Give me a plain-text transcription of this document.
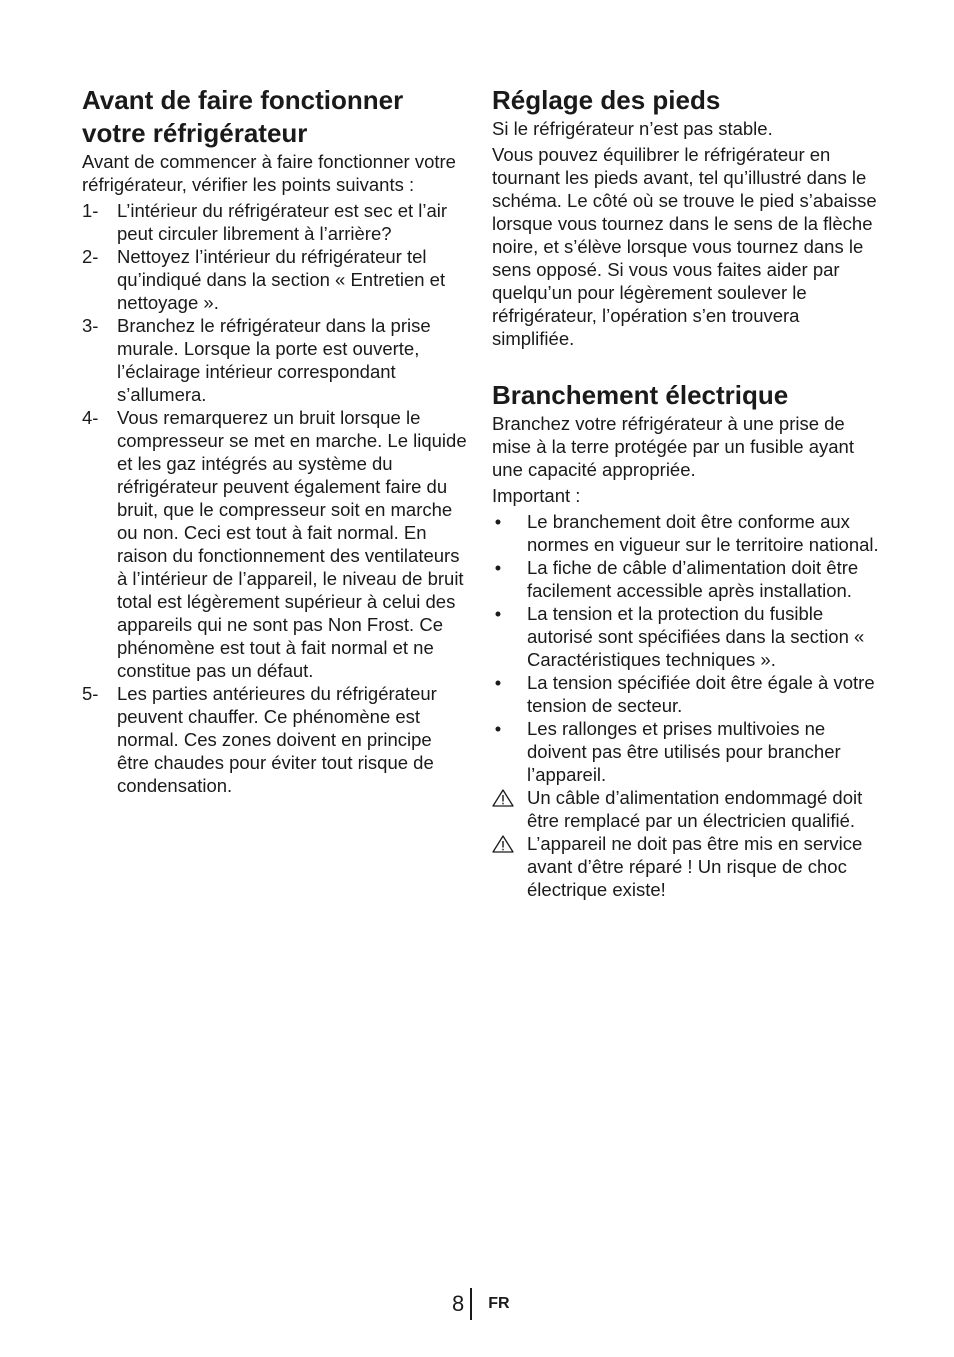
Avant de faire fonctionner votre réfrigérateur

Avant de commencer à faire fonctionner votre réfrigérateur, vérifier les points suivants :

1-	L’intérieur du réfrigérateur est sec et l’air peut circuler librement à l’arrière?
2-	Nettoyez l’intérieur du réfrigérateur tel qu’indiqué dans la section « Entretien et nettoyage ».
3-	Branchez le réfrigérateur dans la prise murale. Lorsque la porte est ouverte, l’éclairage intérieur correspondant s’allumera.
4-	Vous remarquerez un bruit lorsque le compresseur se met en marche. Le liquide et les gaz intégrés au système du réfrigérateur peuvent également faire du bruit, que le compresseur soit en marche ou non. Ceci est tout à fait normal. En raison du fonctionnement des ventilateurs à l’intérieur de l’appareil, le niveau de bruit total est légèrement supérieur à celui des appareils qui ne sont pas Non Frost. Ce phénomène est tout à fait normal et ne constitue pas un défaut.
5-	Les parties antérieures du réfrigérateur peuvent chauffer. Ce phénomène est normal. Ces zones doivent en principe être chaudes pour éviter tout risque de condensation.
Réglage des pieds

Si le réfrigérateur n’est pas stable.

Vous pouvez équilibrer le réfrigérateur en tournant les pieds avant, tel qu’illustré dans le schéma. Le côté où se trouve le pied s’abaisse lorsque vous tournez dans le sens de la flèche noire, et s’élève lorsque vous tournez dans le sens opposé. Si vous vous faites aider par quelqu’un pour légèrement soulever le réfrigérateur, l’opération s’en trouvera simplifiée.

Branchement électrique

Branchez votre réfrigérateur à une prise de mise à la terre protégée par un fusible ayant une capacité appropriée.

Important :

• Le branchement doit être conforme aux normes en vigueur sur le territoire national.
• La fiche de câble d’alimentation doit être facilement accessible après installation.
• La tension et la protection du fusible autorisé sont spécifiées dans la section « Caractéristiques techniques ».
• La tension spécifiée doit être égale à votre tension de secteur.
• Les rallonges et prises multivoies ne doivent pas être utilisés pour brancher l’appareil.
Un câble d’alimentation endommagé doit être remplacé par un électricien qualifié.
L’appareil ne doit pas être mis en service avant d’être réparé ! Un risque de choc électrique existe!
8	FR
